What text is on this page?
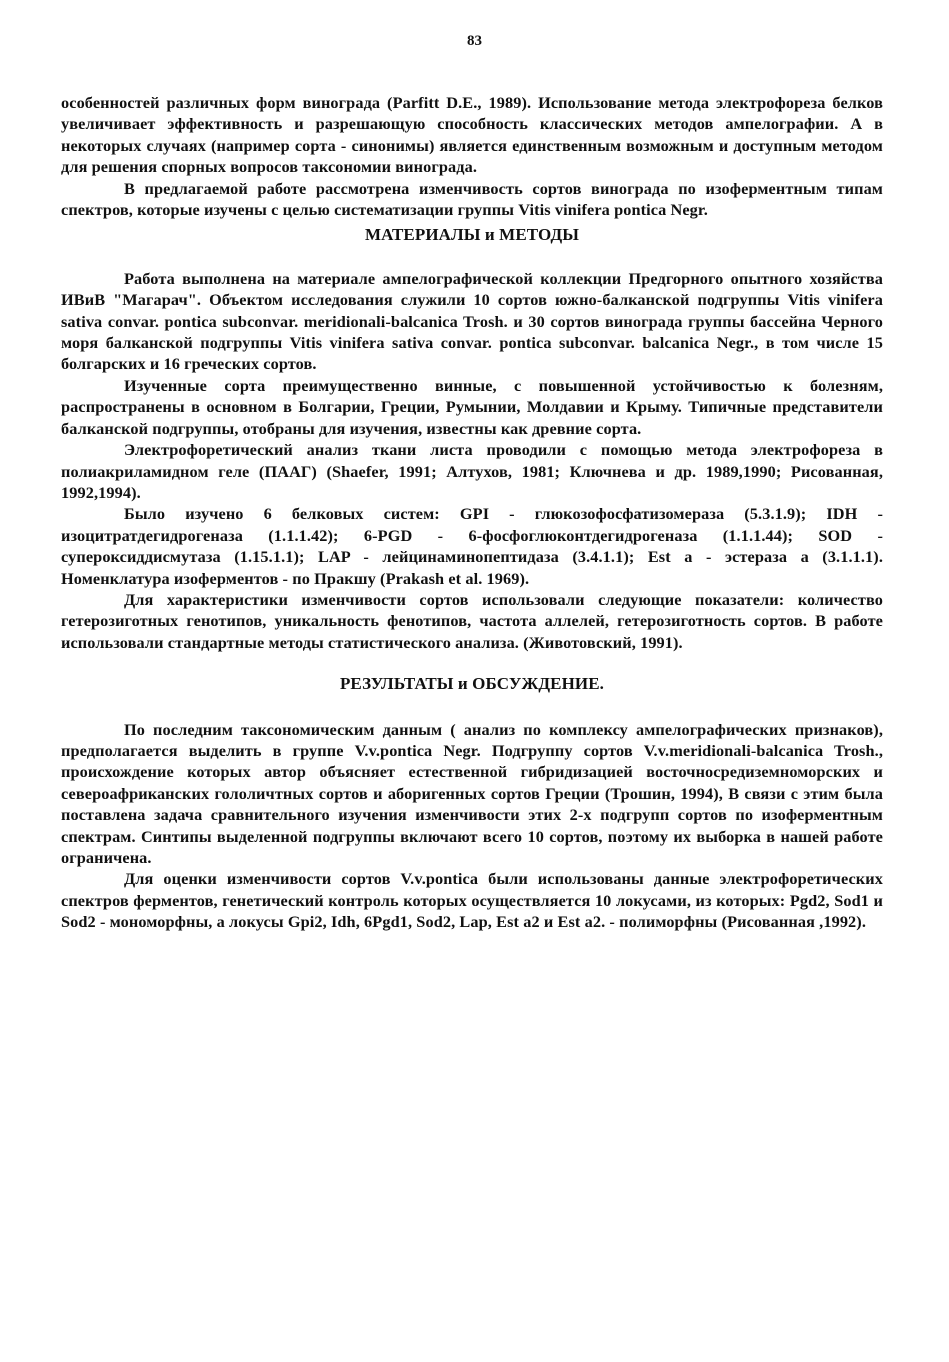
83

особенностей различных форм винограда (Parfitt D.E., 1989). Использование метода электрофореза белков увеличивает эффективность и разрешающую способность классических методов ампелографии. А в некоторых случаях (например сорта - синонимы) является единственным возможным и доступным методом для решения спорных вопросов таксономии винограда.

В предлагаемой работе рассмотрена изменчивость сортов винограда по изоферментным типам спектров, которые изучены с целью систематизации группы Vitis vinifera pontica Negr.

МАТЕРИАЛЫ и МЕТОДЫ

Работа выполнена на материале ампелографической коллекции Предгорного опытного хозяйства ИВиВ "Магарач". Объектом исследования служили 10 сортов южно-балканской подгруппы Vitis vinifera sativa convar. pontica subconvar. meridionali-balcanica Trosh. и 30 сортов винограда группы бассейна Черного моря балканской подгруппы Vitis vinifera sativa convar. pontica subconvar. balcanica Negr., в том числе 15 болгарских и 16 греческих сортов.

Изученные сорта преимущественно винные, с повышенной устойчивостью к болезням, распространены в основном в Болгарии, Греции, Румынии, Молдавии и Крыму. Типичные представители балканской подгруппы, отобраны для изучения, известны как древние сорта.

Электрофоретический анализ ткани листа проводили с помощью метода электрофореза в полиакриламидном геле (ПААГ) (Shaefer, 1991; Алтухов, 1981; Ключнева и др. 1989,1990; Рисованная, 1992,1994).

Было изучено 6 белковых систем: GPI - глюкозофосфатизомераза (5.3.1.9); IDH - изоцитратдегидрогеназа (1.1.1.42); 6-PGD - 6-фосфоглюконтдегидрогеназа (1.1.1.44); SOD - супероксиддисмутаза (1.15.1.1); LAP - лейцинаминопептидаза (3.4.1.1); Est a - эстераза а (3.1.1.1). Номенклатура изоферментов - по Пракшу (Prakash et al. 1969).

Для характеристики изменчивости сортов использовали следующие показатели: количество гетерозиготных генотипов, уникальность фенотипов, частота аллелей, гетерозиготность сортов. В работе использовали стандартные методы статистического анализа. (Животовский, 1991).

РЕЗУЛЬТАТЫ и ОБСУЖДЕНИЕ.

По последним таксономическим данным ( анализ по комплексу ампелографических признаков), предполагается выделить в группе V.v.pontica Negr. Подгруппу сортов V.v.meridionali-balcanica Trosh., происхождение которых автор объясняет естественной гибридизацией восточносредиземноморских и североафриканских гололичтных сортов и аборигенных сортов Греции (Трошин, 1994), В связи с этим была поставлена задача сравнительного изучения изменчивости этих 2-х подгрупп сортов по изоферментным спектрам. Синтипы выделенной подгруппы включают всего 10 сортов, поэтому их выборка в нашей работе ограничена.

Для оценки изменчивости сортов V.v.pontica были использованы данные электрофоретических спектров ферментов, генетический контроль которых осуществляется 10 локусами, из которых: Pgd2, Sod1 и Sod2 - мономорфны, а локусы Gpi2, Idh, 6Pgd1, Sod2, Lap, Est a2 и Est a2. - полиморфны (Рисованная ,1992).
